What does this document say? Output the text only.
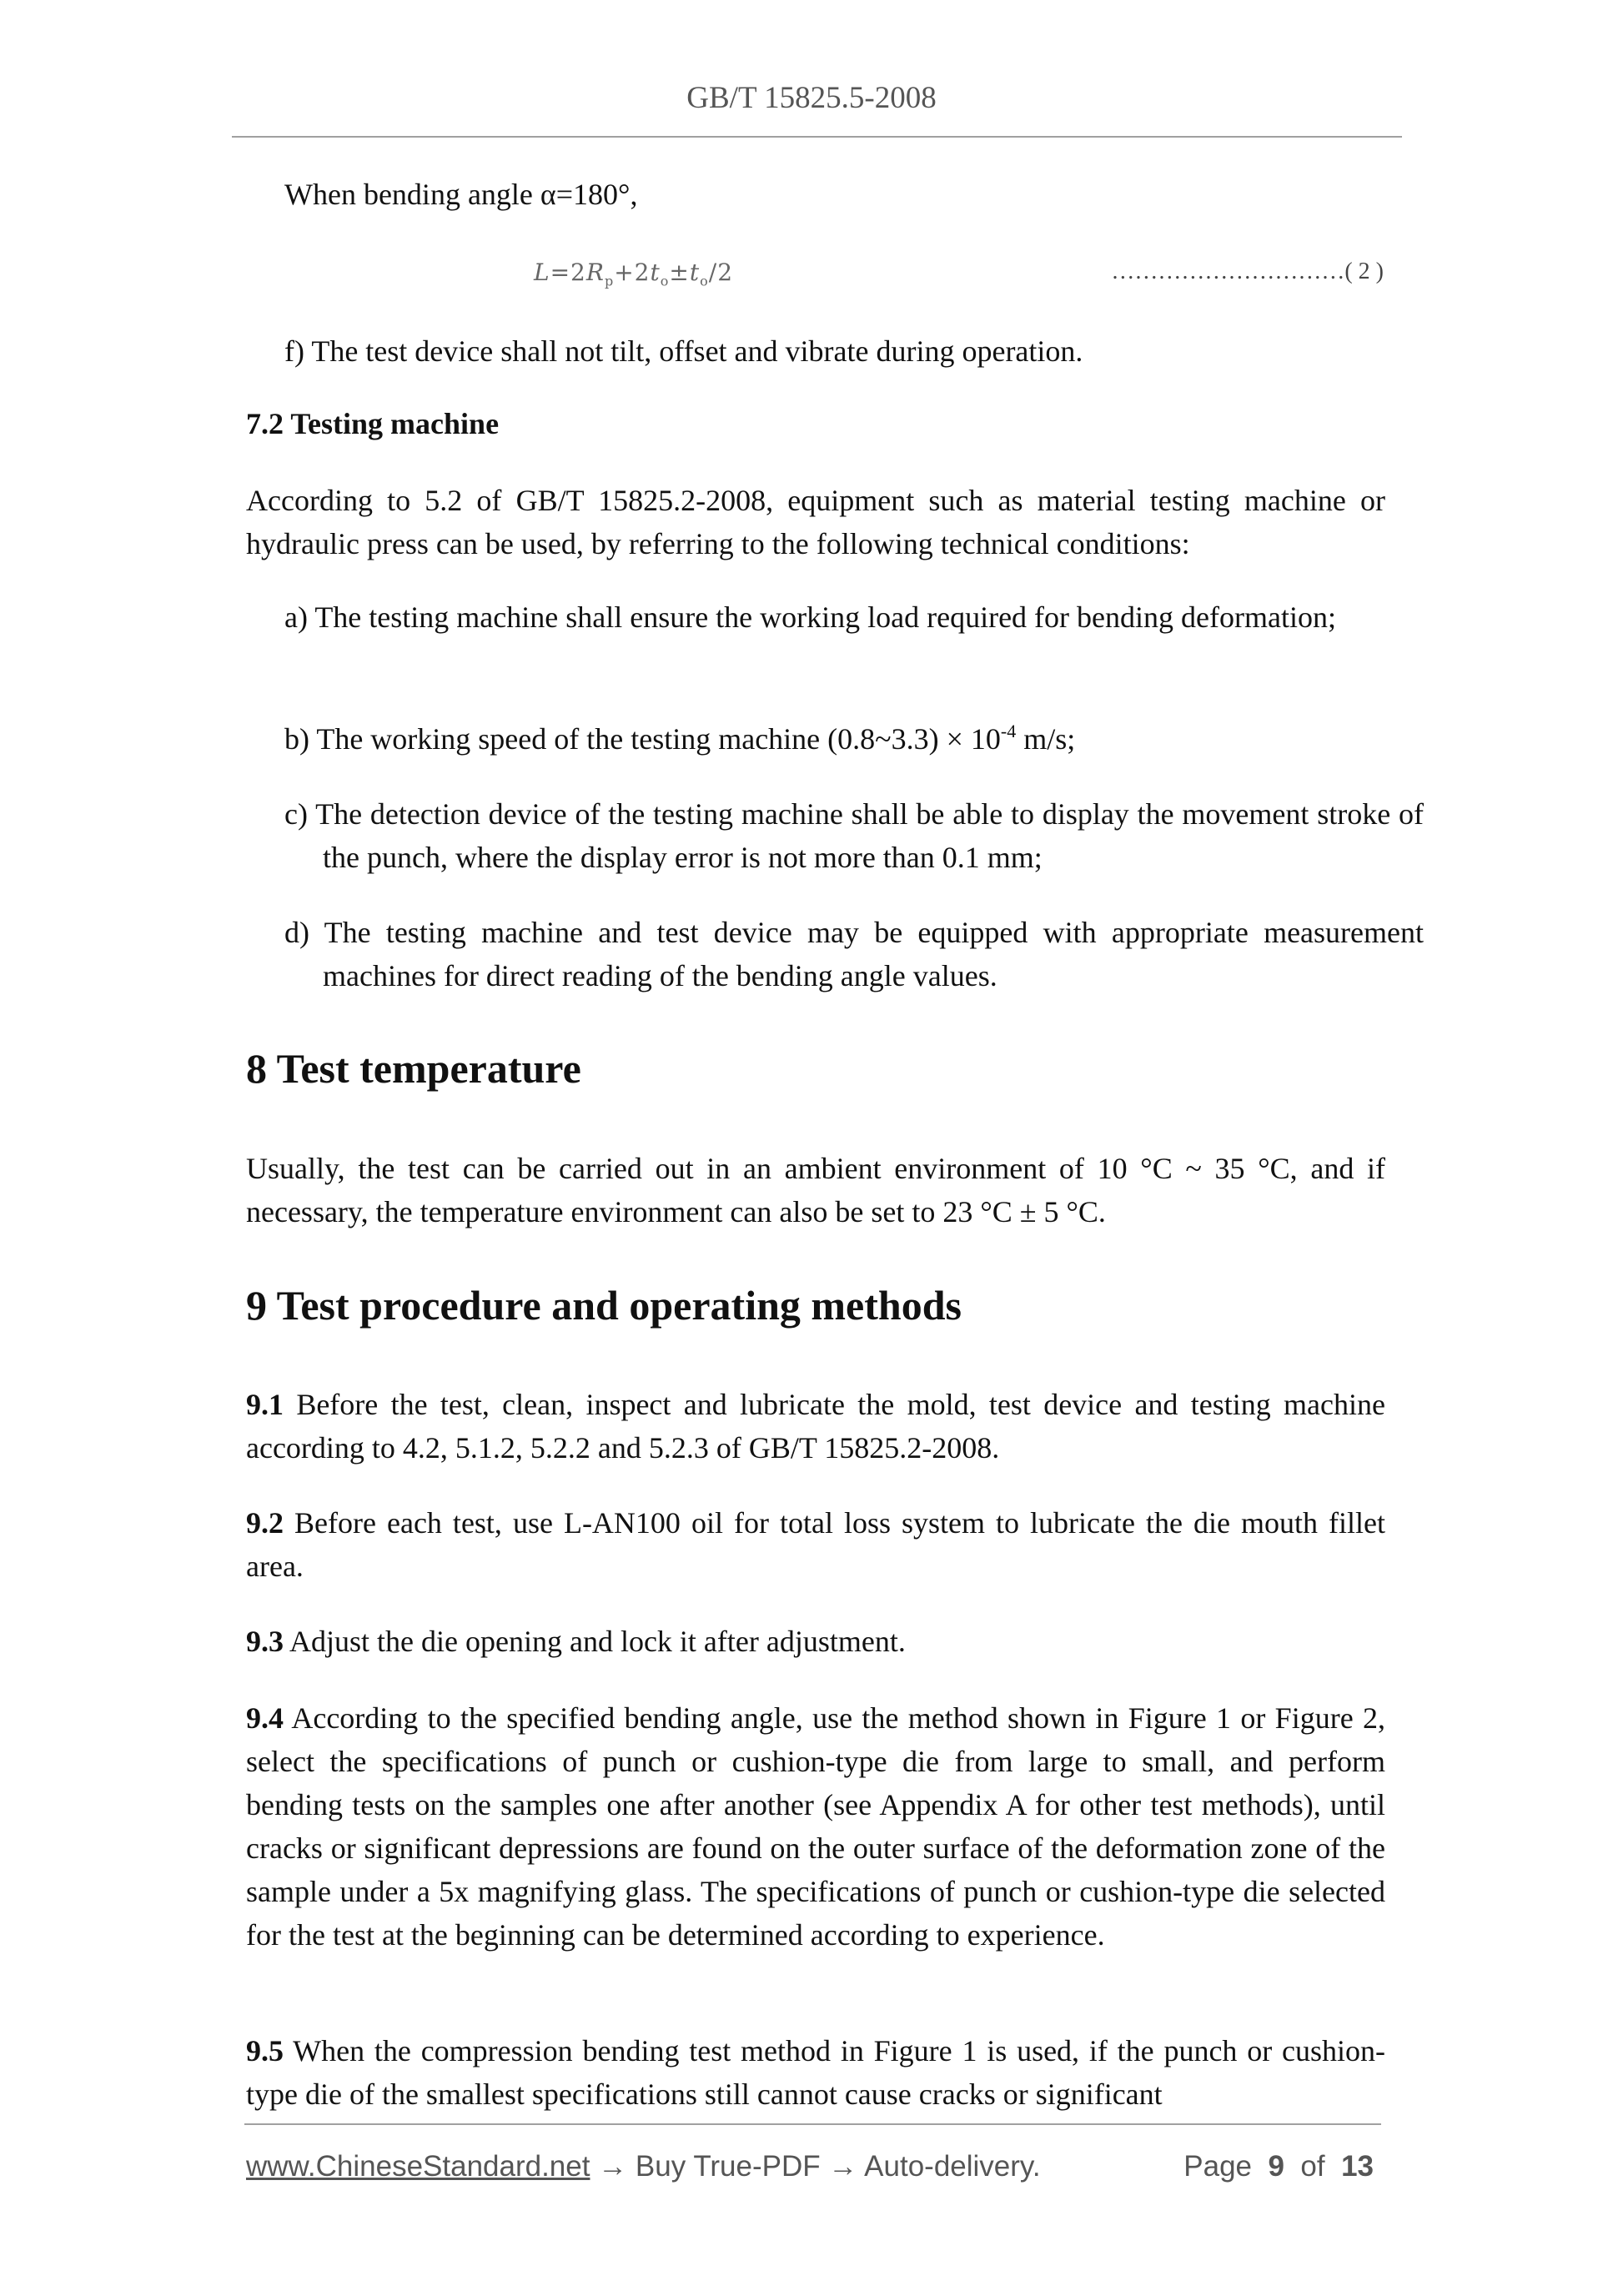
GB/T 15825.5-2008
When bending angle α=180°,
$L=2R_p+2t_o\pm t_o/2$	…………………………( 2 )
f) The test device shall not tilt, offset and vibrate during operation.
7.2 Testing machine
According to 5.2 of GB/T 15825.2-2008, equipment such as material testing machine or hydraulic press can be used, by referring to the following technical conditions:
a) The testing machine shall ensure the working load required for bending deformation;
b) The working speed of the testing machine (0.8~3.3) × $10^{-4}$ m/s;
c) The detection device of the testing machine shall be able to display the movement stroke of the punch, where the display error is not more than 0.1 mm;
d) The testing machine and test device may be equipped with appropriate measurement machines for direct reading of the bending angle values.
8 Test temperature
Usually, the test can be carried out in an ambient environment of 10 °C ~ 35 °C, and if necessary, the temperature environment can also be set to 23 °C ± 5 °C.
9 Test procedure and operating methods
9.1 Before the test, clean, inspect and lubricate the mold, test device and testing machine according to 4.2, 5.1.2, 5.2.2 and 5.2.3 of GB/T 15825.2-2008.
9.2 Before each test, use L-AN100 oil for total loss system to lubricate the die mouth fillet area.
9.3 Adjust the die opening and lock it after adjustment.
9.4 According to the specified bending angle, use the method shown in Figure 1 or Figure 2, select the specifications of punch or cushion-type die from large to small, and perform bending tests on the samples one after another (see Appendix A for other test methods), until cracks or significant depressions are found on the outer surface of the deformation zone of the sample under a 5x magnifying glass. The specifications of punch or cushion-type die selected for the test at the beginning can be determined according to experience.
9.5 When the compression bending test method in Figure 1 is used, if the punch or cushion-type die of the smallest specifications still cannot cause cracks or significant
www.ChineseStandard.net → Buy True-PDF → Auto-delivery.	Page 9 of 13
